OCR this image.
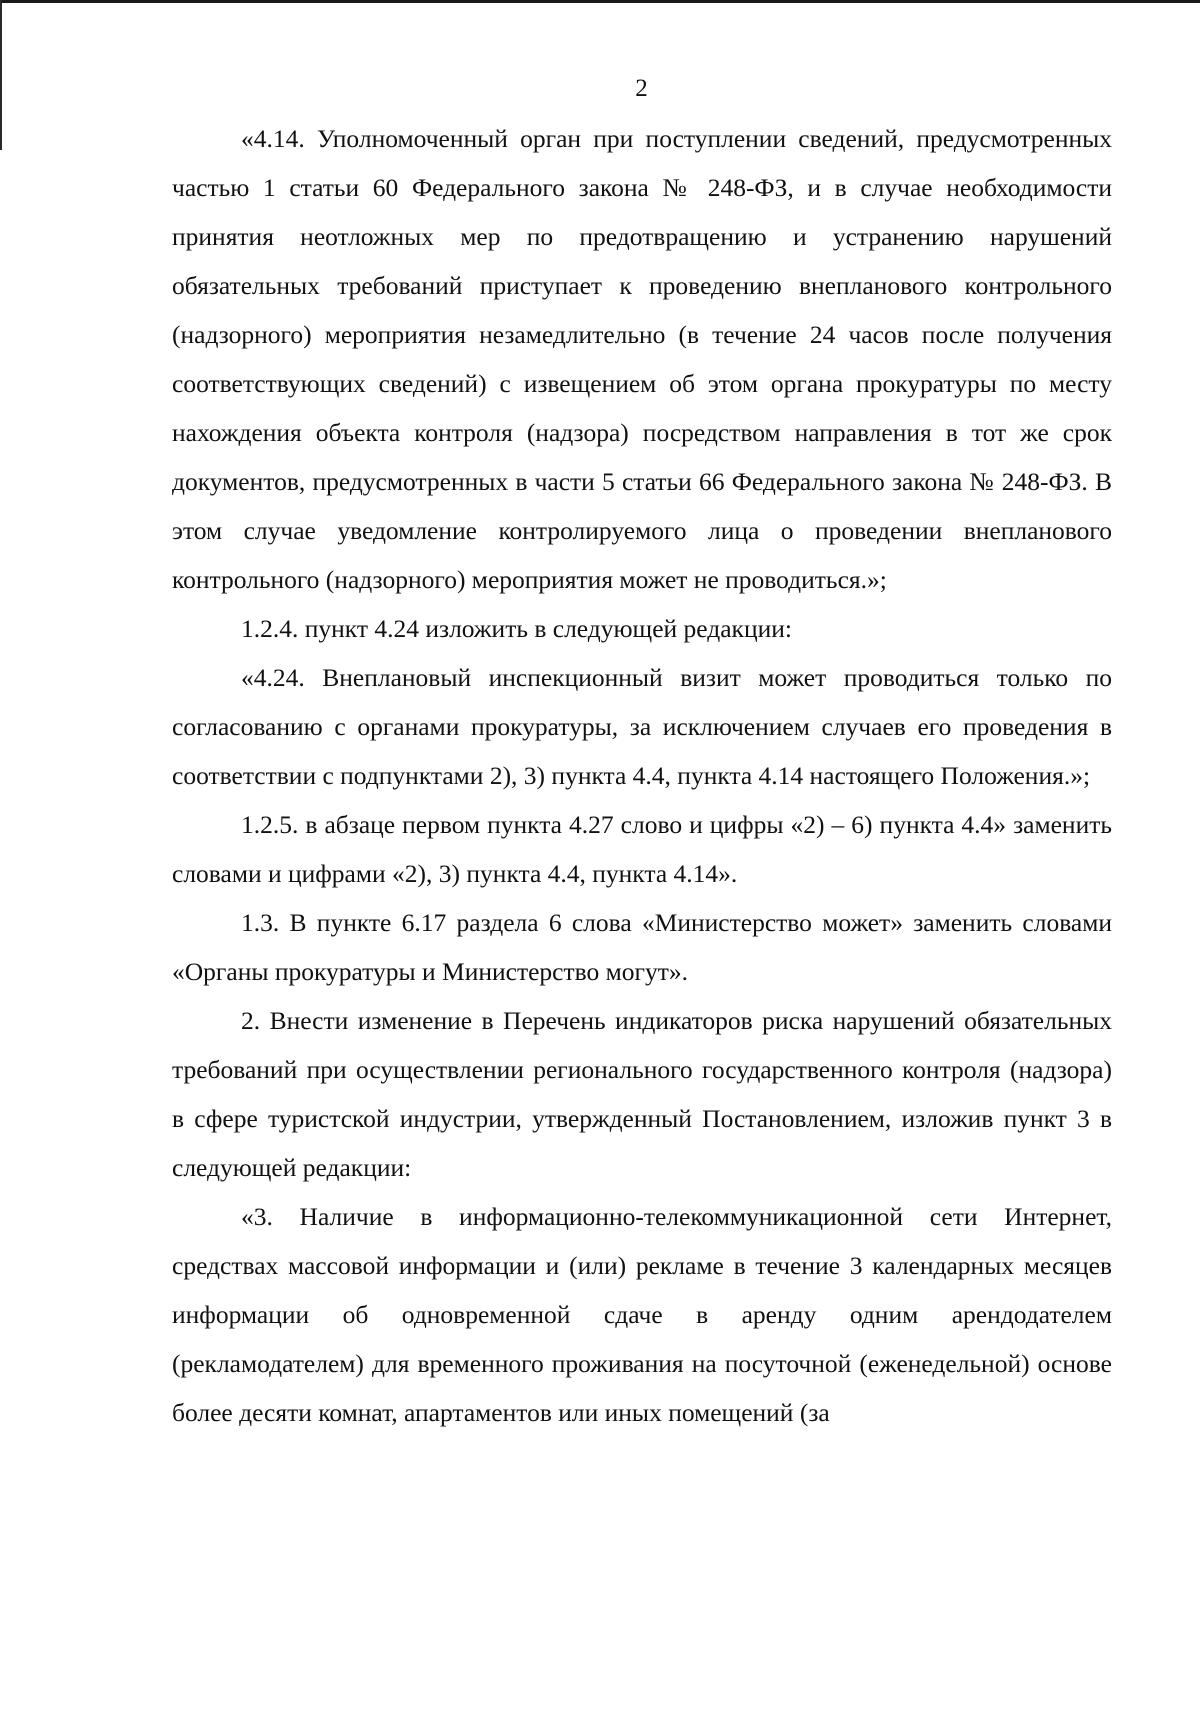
2

«4.14. Уполномоченный орган при поступлении сведений, предусмотренных частью 1 статьи 60 Федерального закона № 248-ФЗ, и в случае необходимости принятия неотложных мер по предотвращению и устранению нарушений обязательных требований приступает к проведению внепланового контрольного (надзорного) мероприятия незамедлительно (в течение 24 часов после получения соответствующих сведений) с извещением об этом органа прокуратуры по месту нахождения объекта контроля (надзора) посредством направления в тот же срок документов, предусмотренных в части 5 статьи 66 Федерального закона № 248-ФЗ. В этом случае уведомление контролируемого лица о проведении внепланового контрольного (надзорного) мероприятия может не проводиться.»;

1.2.4. пункт 4.24 изложить в следующей редакции:

«4.24. Внеплановый инспекционный визит может проводиться только по согласованию с органами прокуратуры, за исключением случаев его проведения в соответствии с подпунктами 2), 3) пункта 4.4, пункта 4.14 настоящего Положения.»;

1.2.5. в абзаце первом пункта 4.27 слово и цифры «2) – 6) пункта 4.4» заменить словами и цифрами «2), 3) пункта 4.4, пункта 4.14».

1.3. В пункте 6.17 раздела 6 слова «Министерство может» заменить словами «Органы прокуратуры и Министерство могут».

2. Внести изменение в Перечень индикаторов риска нарушений обязательных требований при осуществлении регионального государственного контроля (надзора) в сфере туристской индустрии, утвержденный Постановлением, изложив пункт 3 в следующей редакции:

«3. Наличие в информационно-телекоммуникационной сети Интернет, средствах массовой информации и (или) рекламе в течение 3 календарных месяцев информации об одновременной сдаче в аренду одним арендодателем (рекламодателем) для временного проживания на посуточной (еженедельной) основе более десяти комнат, апартаментов или иных помещений (за
